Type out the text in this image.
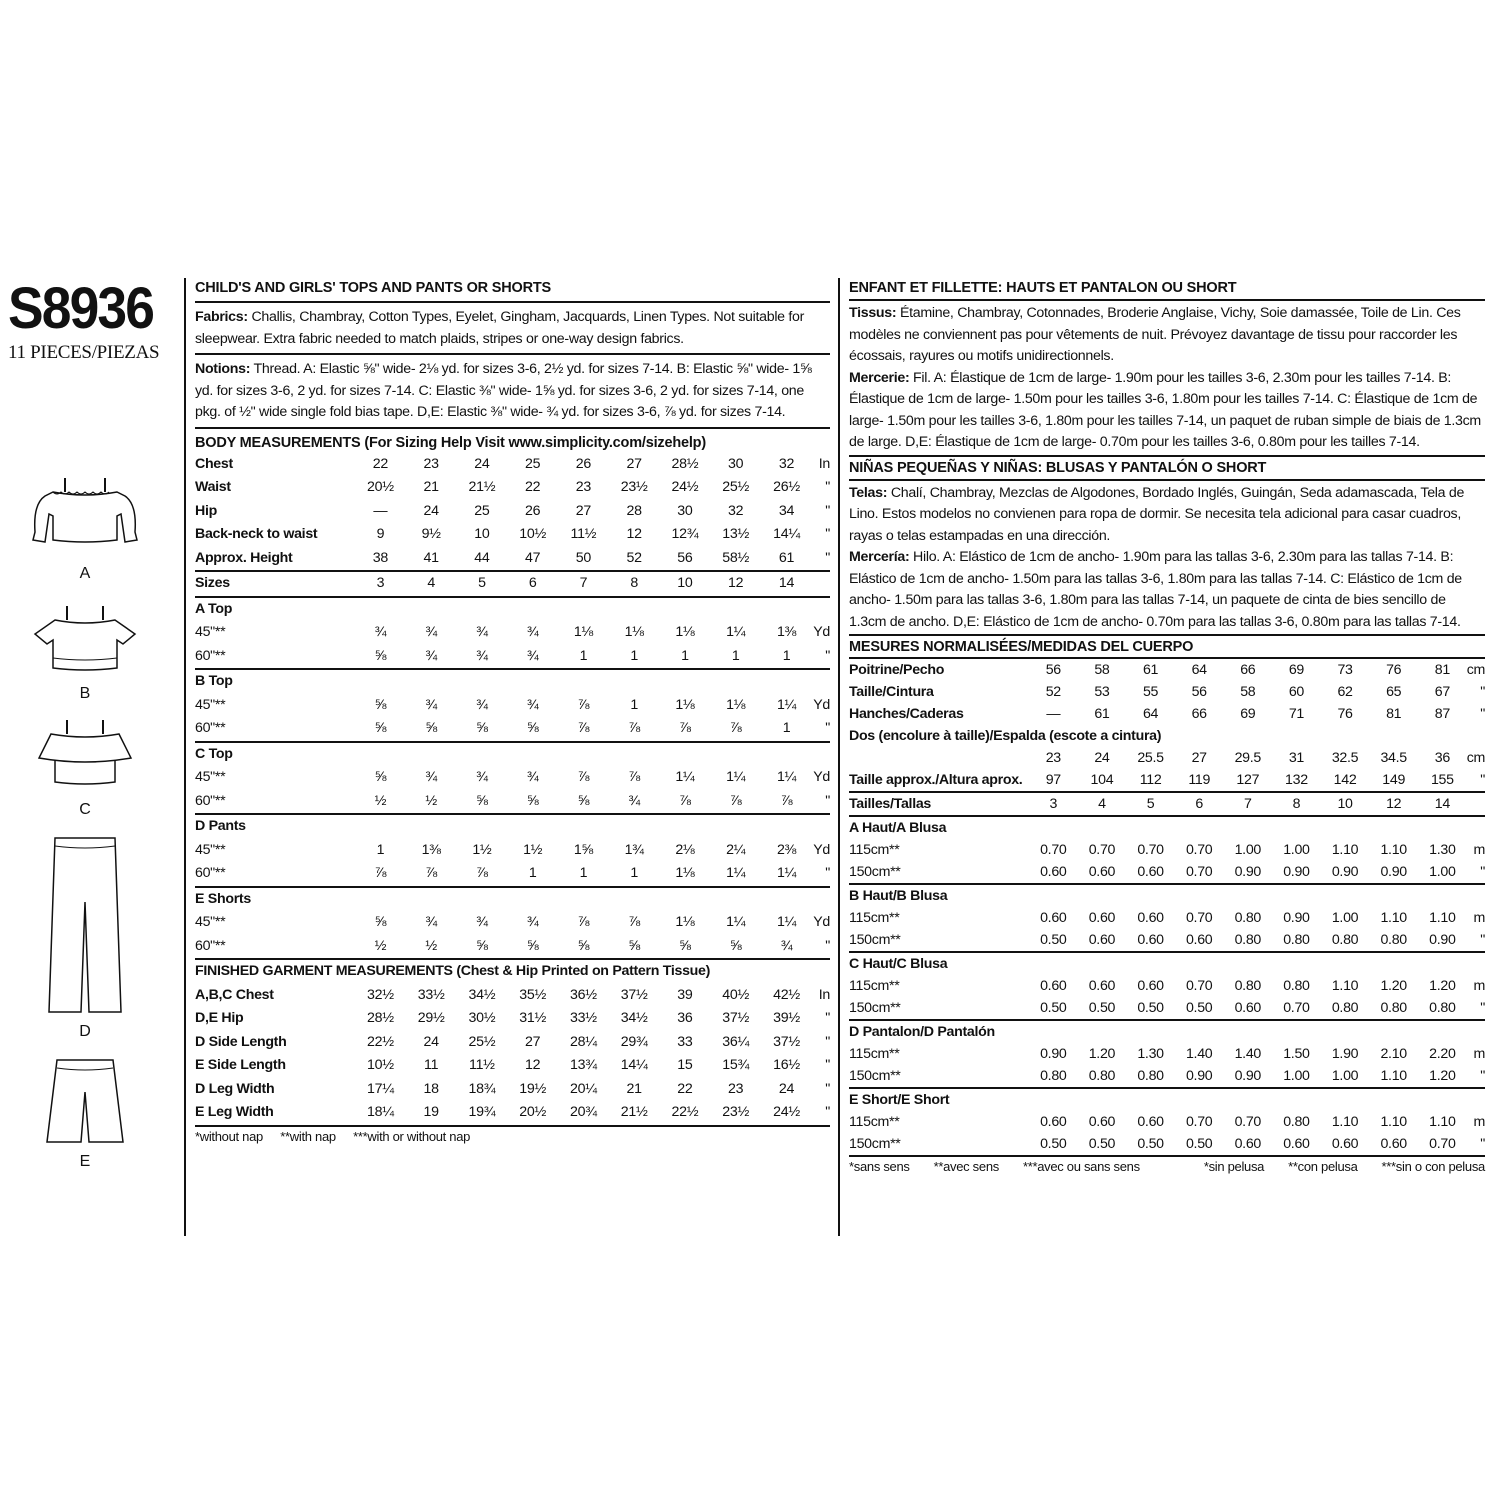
S8936
11 PIECES/PIEZAS
A
B
C
D
E
CHILD'S AND GIRLS' TOPS AND PANTS OR SHORTS

Fabrics: Challis, Chambray, Cotton Types, Eyelet, Gingham, Jacquards, Linen Types. Not suitable for sleepwear. Extra fabric needed to match plaids, stripes or one-way design fabrics.

Notions: Thread. A: Elastic ⅝" wide- 2⅛ yd. for sizes 3-6, 2½ yd. for sizes 7-14. B: Elastic ⅝" wide- 1⅝ yd. for sizes 3-6, 2 yd. for sizes 7-14. C: Elastic ⅜" wide- 1⅝ yd. for sizes 3-6, 2 yd. for sizes 7-14, one pkg. of ½" wide single fold bias tape. D,E: Elastic ⅜" wide- ¾ yd. for sizes 3-6, ⅞ yd. for sizes 7-14.

BODY MEASUREMENTS (For Sizing Help Visit www.simplicity.com/sizehelp)
Chest	22	23	24	25	26	27	28½	30	32	In
Waist	20½	21	21½	22	23	23½	24½	25½	26½	"
Hip	—	24	25	26	27	28	30	32	34	"
Back-neck to waist	9	9½	10	10½	11½	12	12¾	13½	14¼	"
Approx. Height	38	41	44	47	50	52	56	58½	61	"
Sizes	3	4	5	6	7	8	10	12	14	
A Top										
45"**	¾	¾	¾	¾	1⅛	1⅛	1⅛	1¼	1⅜	Yd
60"**	⅝	¾	¾	¾	1	1	1	1	1	"
B Top										
45"**	⅝	¾	¾	¾	⅞	1	1⅛	1⅛	1¼	Yd
60"**	⅝	⅝	⅝	⅝	⅞	⅞	⅞	⅞	1	"
C Top										
45"**	⅝	¾	¾	¾	⅞	⅞	1¼	1¼	1¼	Yd
60"**	½	½	⅝	⅝	⅝	¾	⅞	⅞	⅞	"
D Pants										
45"**	1	1⅜	1½	1½	1⅝	1¾	2⅛	2¼	2⅜	Yd
60"**	⅞	⅞	⅞	1	1	1	1⅛	1¼	1¼	"
E Shorts										
45"**	⅝	¾	¾	¾	⅞	⅞	1⅛	1¼	1¼	Yd
60"**	½	½	⅝	⅝	⅝	⅝	⅝	⅝	¾	"
FINISHED GARMENT MEASUREMENTS (Chest & Hip Printed on Pattern Tissue)										
A,B,C Chest	32½	33½	34½	35½	36½	37½	39	40½	42½	In
D,E Hip	28½	29½	30½	31½	33½	34½	36	37½	39½	"
D Side Length	22½	24	25½	27	28¼	29¾	33	36¼	37½	"
E Side Length	10½	11	11½	12	13¾	14¼	15	15¾	16½	"
D Leg Width	17¼	18	18¾	19½	20¼	21	22	23	24	"
E Leg Width	18¼	19	19¾	20½	20¾	21½	22½	23½	24½	"
*without nap **with nap ***with or without nap
ENFANT ET FILLETTE: HAUTS ET PANTALON OU SHORT

Tissus: Étamine, Chambray, Cotonnades, Broderie Anglaise, Vichy, Soie damassée, Toile de Lin. Ces modèles ne conviennent pas pour vêtements de nuit. Prévoyez davantage de tissu pour raccorder les écossais, rayures ou motifs unidirectionnels.

Mercerie: Fil. A: Élastique de 1cm de large- 1.90m pour les tailles 3-6, 2.30m pour les tailles 7-14. B: Élastique de 1cm de large- 1.50m pour les tailles 3-6, 1.80m pour les tailles 7-14. C: Élastique de 1cm de large- 1.50m pour les tailles 3-6, 1.80m pour les tailles 7-14, un paquet de ruban simple de biais de 1.3cm de large. D,E: Élastique de 1cm de large- 0.70m pour les tailles 3-6, 0.80m pour les tailles 7-14.

NIÑAS PEQUEÑAS Y NIÑAS: BLUSAS Y PANTALÓN O SHORT

Telas: Chalí, Chambray, Mezclas de Algodones, Bordado Inglés, Guingán, Seda adamascada, Tela de Lino. Estos modelos no convienen para ropa de dormir. Se necesita tela adicional para casar cuadros, rayas o telas estampadas en una dirección.

Mercería: Hilo. A: Elástico de 1cm de ancho- 1.90m para las tallas 3-6, 2.30m para las tallas 7-14. B: Elástico de 1cm de ancho- 1.50m para las tallas 3-6, 1.80m para las tallas 7-14. C: Elástico de 1cm de ancho- 1.50m para las tallas 3-6, 1.80m para las tallas 7-14, un paquete de cinta de bies sencillo de 1.3cm de ancho. D,E: Elástico de 1cm de ancho- 0.70m para las tallas 3-6, 0.80m para las tallas 7-14.

MESURES NORMALISÉES/MEDIDAS DEL CUERPO
Poitrine/Pecho	56	58	61	64	66	69	73	76	81	cm
Taille/Cintura	52	53	55	56	58	60	62	65	67	"
Hanches/Caderas	—	61	64	66	69	71	76	81	87	"
Dos (encolure à taille)/Espalda (escote a cintura)										
	23	24	25.5	27	29.5	31	32.5	34.5	36	cm
Taille approx./Altura aprox.	97	104	112	119	127	132	142	149	155	"
Tailles/Tallas	3	4	5	6	7	8	10	12	14	
A Haut/A Blusa										
115cm**	0.70	0.70	0.70	0.70	1.00	1.00	1.10	1.10	1.30	m
150cm**	0.60	0.60	0.60	0.70	0.90	0.90	0.90	0.90	1.00	"
B Haut/B Blusa										
115cm**	0.60	0.60	0.60	0.70	0.80	0.90	1.00	1.10	1.10	m
150cm**	0.50	0.60	0.60	0.60	0.80	0.80	0.80	0.80	0.90	"
C Haut/C Blusa										
115cm**	0.60	0.60	0.60	0.70	0.80	0.80	1.10	1.20	1.20	m
150cm**	0.50	0.50	0.50	0.50	0.60	0.70	0.80	0.80	0.80	"
D Pantalon/D Pantalón										
115cm**	0.90	1.20	1.30	1.40	1.40	1.50	1.90	2.10	2.20	m
150cm**	0.80	0.80	0.80	0.90	0.90	1.00	1.00	1.10	1.20	"
E Short/E Short										
115cm**	0.60	0.60	0.60	0.70	0.70	0.80	1.10	1.10	1.10	m
150cm**	0.50	0.50	0.50	0.50	0.60	0.60	0.60	0.60	0.70	"
*sans sens **avec sens ***avec ou sans sens	*sin pelusa **con pelusa ***sin o con pelusa
